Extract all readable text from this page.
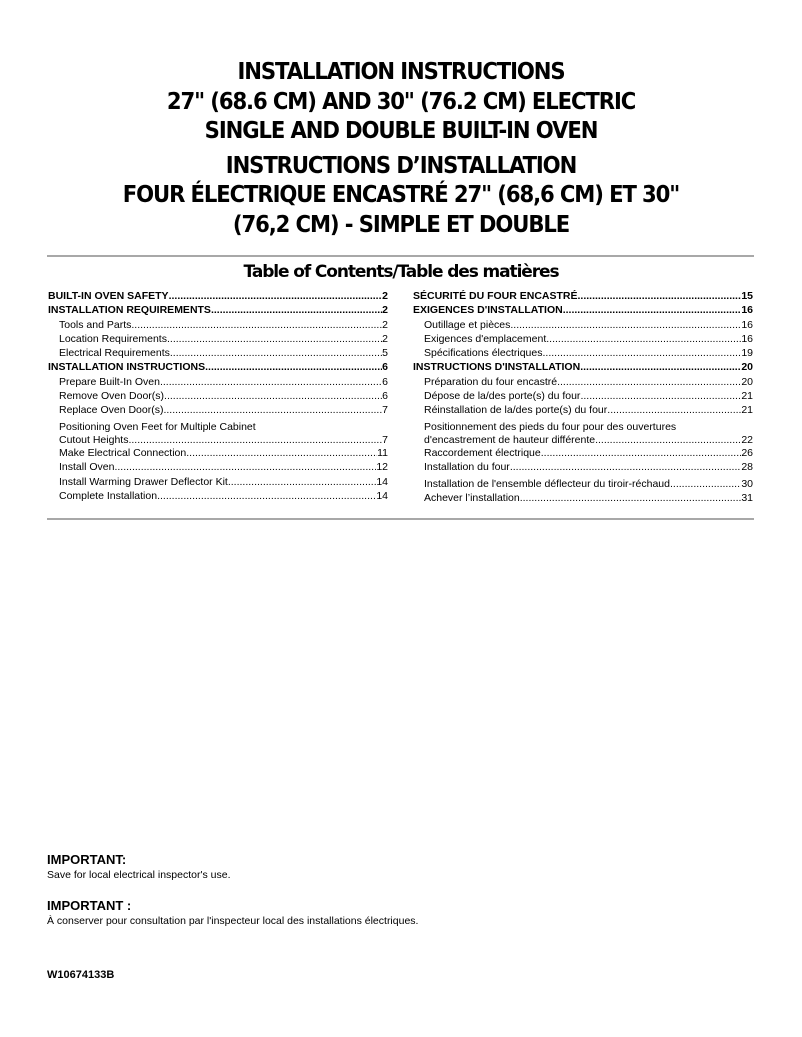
INSTALLATION INSTRUCTIONS
27" (68.6 CM) AND 30" (76.2 CM) ELECTRIC
SINGLE AND DOUBLE BUILT-IN OVEN
INSTRUCTIONS D’INSTALLATION
FOUR ÉLECTRIQUE ENCASTRÉ 27" (68,6 CM) ET 30"
(76,2 CM) - SIMPLE ET DOUBLE
Table of Contents/Table des matières
BUILT-IN OVEN SAFETY .....	2
INSTALLATION REQUIREMENTS .....	2
Tools and Parts .....	2
Location Requirements .....	2
Electrical Requirements .....	5
INSTALLATION INSTRUCTIONS .....	6
Prepare Built-In Oven .....	6
Remove Oven Door(s) .....	6
Replace Oven Door(s) .....	7
Positioning Oven Feet for Multiple Cabinet
Cutout Heights .....	7
Make Electrical Connection .....	11
Install Oven .....	12
Install Warming Drawer Deflector Kit .....	14
Complete Installation .....	14
SÉCURITÉ DU FOUR ENCASTRÉ .....	15
EXIGENCES D'INSTALLATION .....	16
Outillage et pièces .....	16
Exigences d'emplacement .....	16
Spécifications électriques .....	19
INSTRUCTIONS D'INSTALLATION .....	20
Préparation du four encastré .....	20
Dépose de la/des porte(s) du four .....	21
Réinstallation de la/des porte(s) du four .....	21
Positionnement des pieds du four pour des ouvertures
d'encastrement de hauteur différente .....	22
Raccordement électrique .....	26
Installation du four .....	28
Installation de l'ensemble déflecteur du tiroir-réchaud .....	30
Achever l’installation .....	31
IMPORTANT:
Save for local electrical inspector's use.
IMPORTANT :
À conserver pour consultation par l'inspecteur local des installations électriques.
W10674133B
